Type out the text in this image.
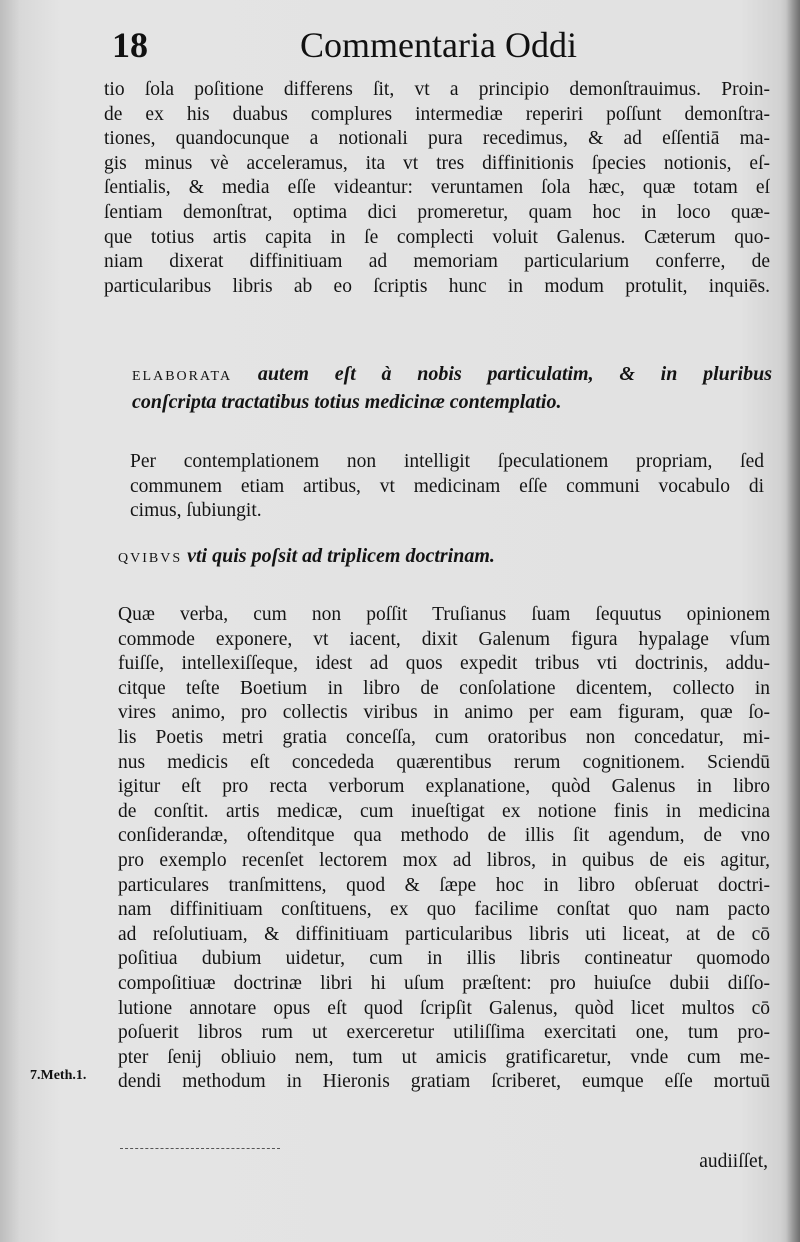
18	Commentaria Oddi
tio ſola poſitione differens ſit, vt a principio demonſtrauimus. Proin-
de ex his duabus complures intermediæ reperiri poſſunt demonſtra-
tiones, quandocunque a notionali pura recedimus, & ad eſſentiā ma-
gis minus vè acceleramus, ita vt tres diffinitionis ſpecies notionis, eſ-
ſentialis, & media eſſe videantur: veruntamen ſola hæc, quæ totam eſ
ſentiam demonſtrat, optima dici promeretur, quam hoc in loco quæ-
que totius artis capita in ſe complecti voluit Galenus. Cæterum quo-
niam dixerat diffinitiuam ad memoriam particularium conferre, de
particularibus libris ab eo ſcriptis hunc in modum protulit, inquiēs.
ELABORATA autem eſt à nobis particulatim, & in pluribus
conſcripta tractatibus totius medicinæ contemplatio.
Per contemplationem non intelligit ſpeculationem propriam, ſed
communem etiam artibus, vt medicinam eſſe communi vocabulo di
cimus, ſubiungit.
QVIBVS vti quis poſsit ad triplicem doctrinam.
Quæ verba, cum non poſſit Truſianus ſuam ſequutus opinionem
commode exponere, vt iacent, dixit Galenum figura hypalage vſum
fuiſſe, intellexiſſeque, idest ad quos expedit tribus vti doctrinis, addu-
citque teſte Boetium in libro de conſolatione dicentem, collecto in
vires animo, pro collectis viribus in animo per eam figuram, quæ ſo-
lis Poetis metri gratia conceſſa, cum oratoribus non concedatur, mi-
nus medicis eſt concededa quærentibus rerum cognitionem. Sciendū
igitur eſt pro recta verborum explanatione, quòd Galenus in libro
de conſtit. artis medicæ, cum inueſtigat ex notione finis in medicina
conſiderandæ, oſtenditque qua methodo de illis ſit agendum, de vno
pro exemplo recenſet lectorem mox ad libros, in quibus de eis agitur,
particulares tranſmittens, quod & ſæpe hoc in libro obſeruat doctri-
nam diffinitiuam conſtituens, ex quo facilime conſtat quo nam pacto
ad reſolutiuam, & diffinitiuam particularibus libris uti liceat, at de cō
poſitiua dubium uidetur, cum in illis libris contineatur quomodo
compoſitiuæ doctrinæ libri hi uſum præſtent: pro huiuſce dubii diſſo-
lutione annotare opus eſt quod ſcripſit Galenus, quòd licet multos cō
poſuerit libros rum ut exerceretur utiliſſima exercitati one, tum pro-
pter ſenij obliuio nem, tum ut amicis gratificaretur, vnde cum me-
dendi methodum in Hieronis gratiam ſcriberet, eumque eſſe mortuū
audiiſſet,
7.Meth.1.
